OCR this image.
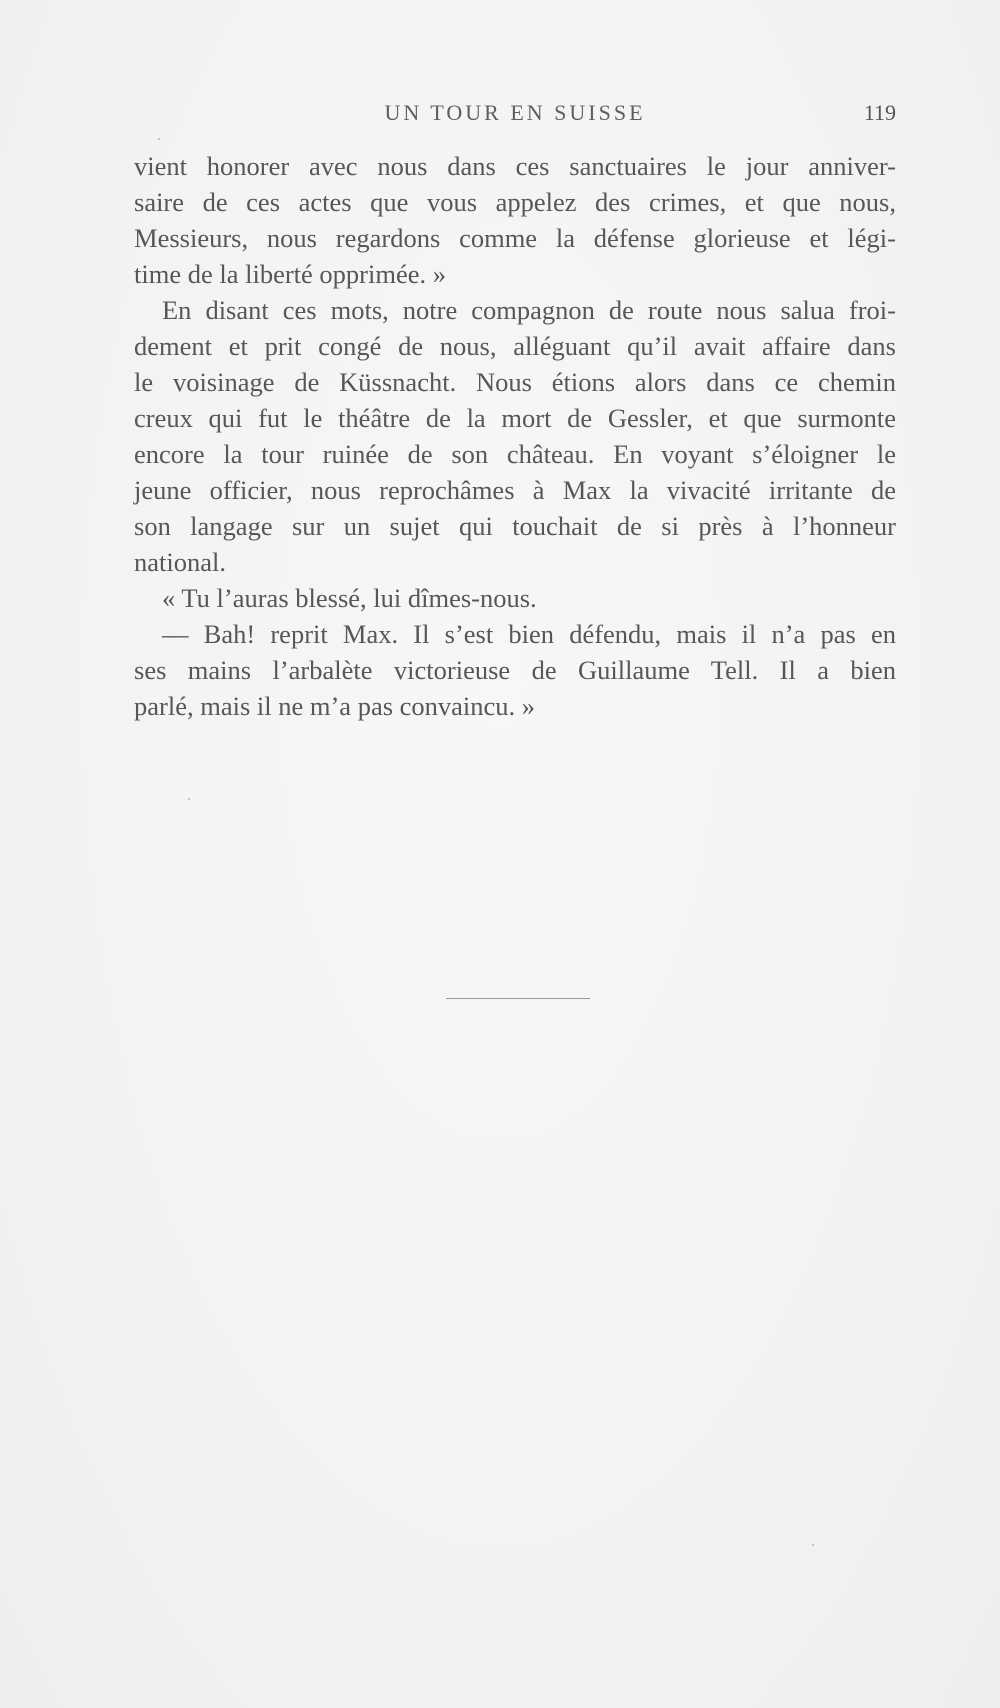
UN TOUR EN SUISSE	119
vient honorer avec nous dans ces sanctuaires le jour anniver-
saire de ces actes que vous appelez des crimes, et que nous,
Messieurs, nous regardons comme la défense glorieuse et légi-
time de la liberté opprimée. »
En disant ces mots, notre compagnon de route nous salua froi-
dement et prit congé de nous, alléguant qu’il avait affaire dans
le voisinage de Küssnacht. Nous étions alors dans ce chemin
creux qui fut le théâtre de la mort de Gessler, et que surmonte
encore la tour ruinée de son château. En voyant s’éloigner le
jeune officier, nous reprochâmes à Max la vivacité irritante de
son langage sur un sujet qui touchait de si près à l’honneur
national.
« Tu l’auras blessé, lui dîmes-nous.
— Bah! reprit Max. Il s’est bien défendu, mais il n’a pas en
ses mains l’arbalète victorieuse de Guillaume Tell. Il a bien
parlé, mais il ne m’a pas convaincu. »
